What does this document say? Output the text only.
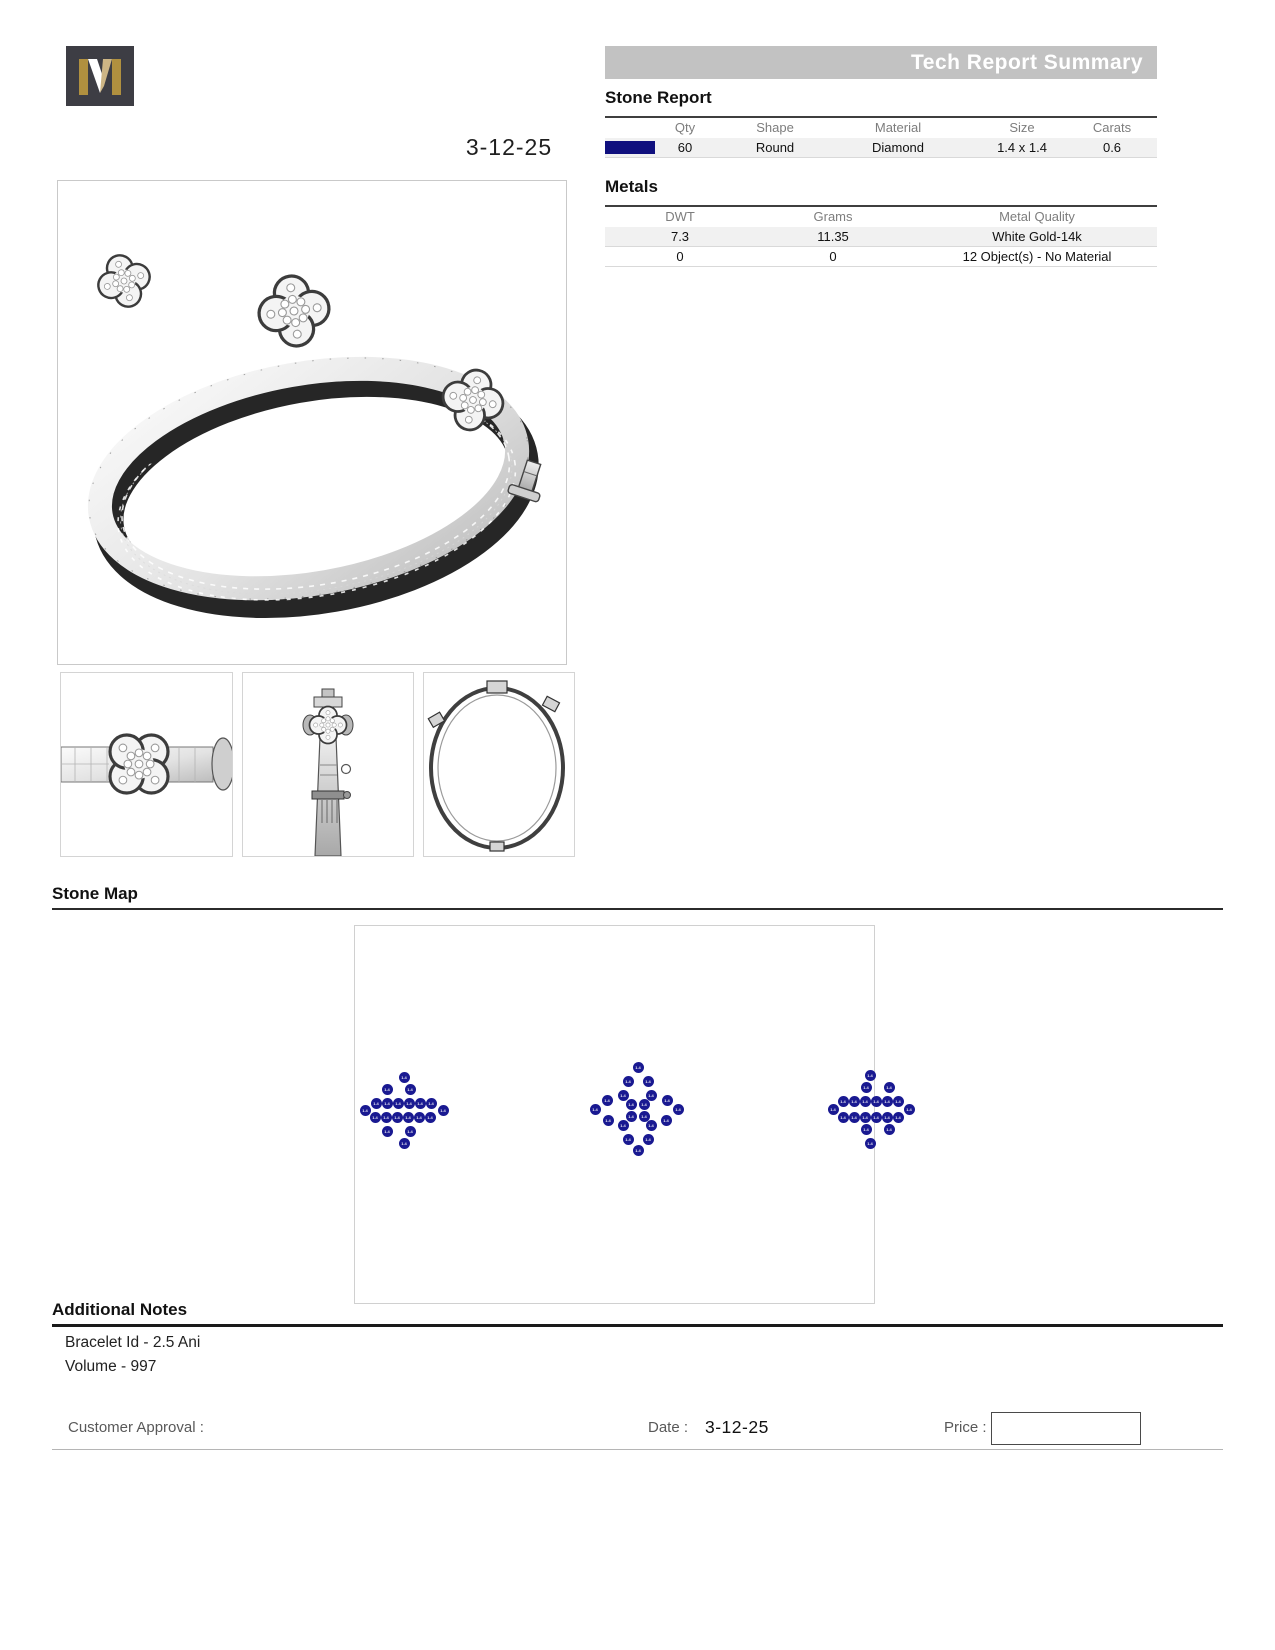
3-12-25
Tech Report Summary
Stone Report
Qty	Shape	Material	Size	Carats
60	Round	Diamond	1.4 x 1.4	0.6
Metals
DWT	Grams	Metal Quality
7.3	11.35	White Gold-14k
0	0	12 Object(s) - No Material
Stone Map
1.4
1.4	1.4
1.4	1.4	1.4	1.4	1.4	1.4
1.4	1.4
1.4	1.4	1.4	1.4	1.4	1.4
1.4	1.4
1.4
1.4
1.4	1.4
1.4	1.4
1.4	1.4
1.4	1.4
1.4	1.4
1.4	1.4
1.4
1.4
1.4
1.4
1.4
1.4
1.4
1.4
1.4	1.4
1.4	1.4	1.4	1.4	1.4	1.4
1.4	1.4
1.4	1.4	1.4	1.4	1.4	1.4
1.4	1.4
1.4
Additional Notes
Bracelet Id - 2.5 Ani
Volume - 997
Customer Approval :	Date : 3-12-25	Price :
